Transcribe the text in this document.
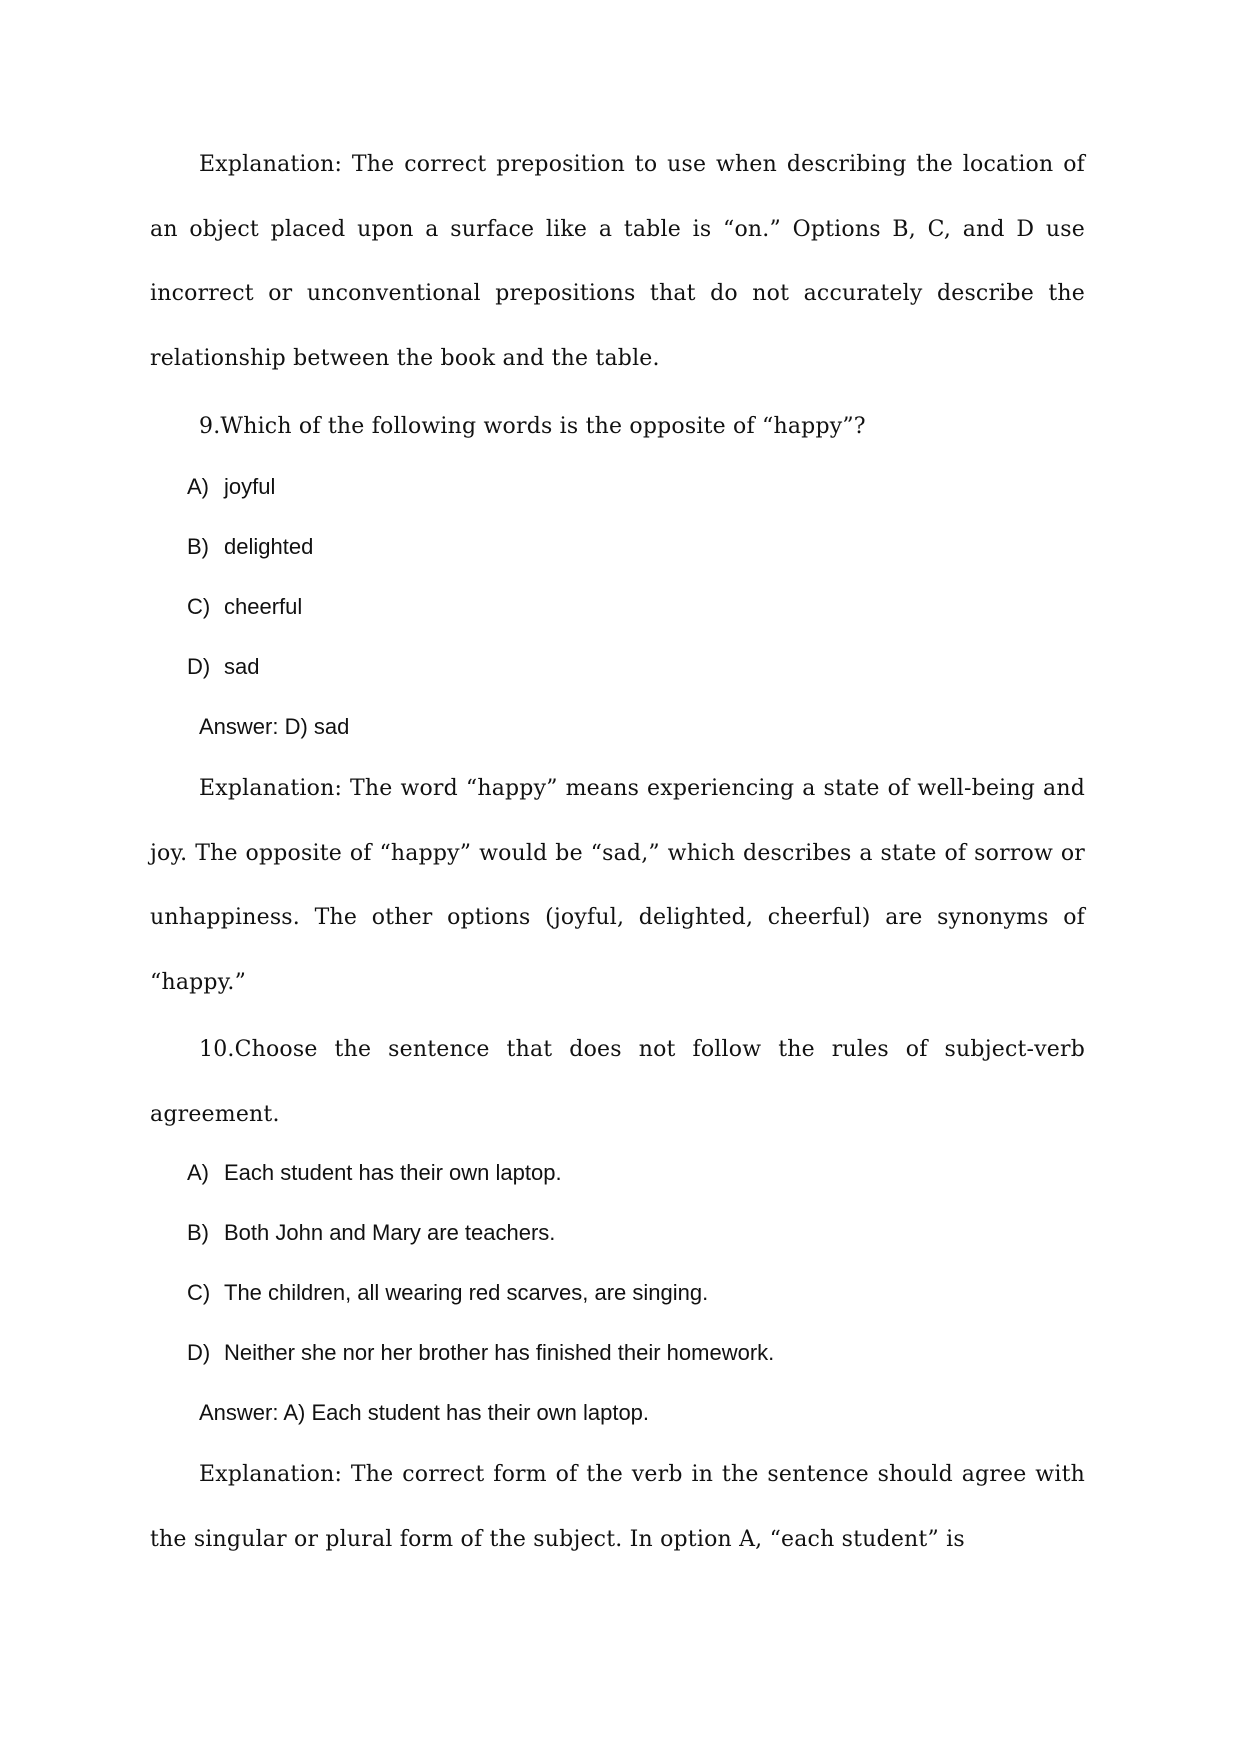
Explanation: The correct preposition to use when describing the location of an object placed upon a surface like a table is “on.” Options B, C, and D use incorrect or unconventional prepositions that do not accurately describe the relationship between the book and the table.

9.Which of the following words is the opposite of “happy”?

A) joyful

B) delighted

C) cheerful

D) sad

Answer: D) sad

Explanation: The word “happy” means experiencing a state of well-being and joy. The opposite of “happy” would be “sad,” which describes a state of sorrow or unhappiness. The other options (joyful, delighted, cheerful) are synonyms of “happy.”

10.Choose the sentence that does not follow the rules of subject-verb agreement.

A) Each student has their own laptop.

B) Both John and Mary are teachers.

C) The children, all wearing red scarves, are singing.

D) Neither she nor her brother has finished their homework.

Answer: A) Each student has their own laptop.

Explanation: The correct form of the verb in the sentence should agree with the singular or plural form of the subject. In option A, “each student” is
